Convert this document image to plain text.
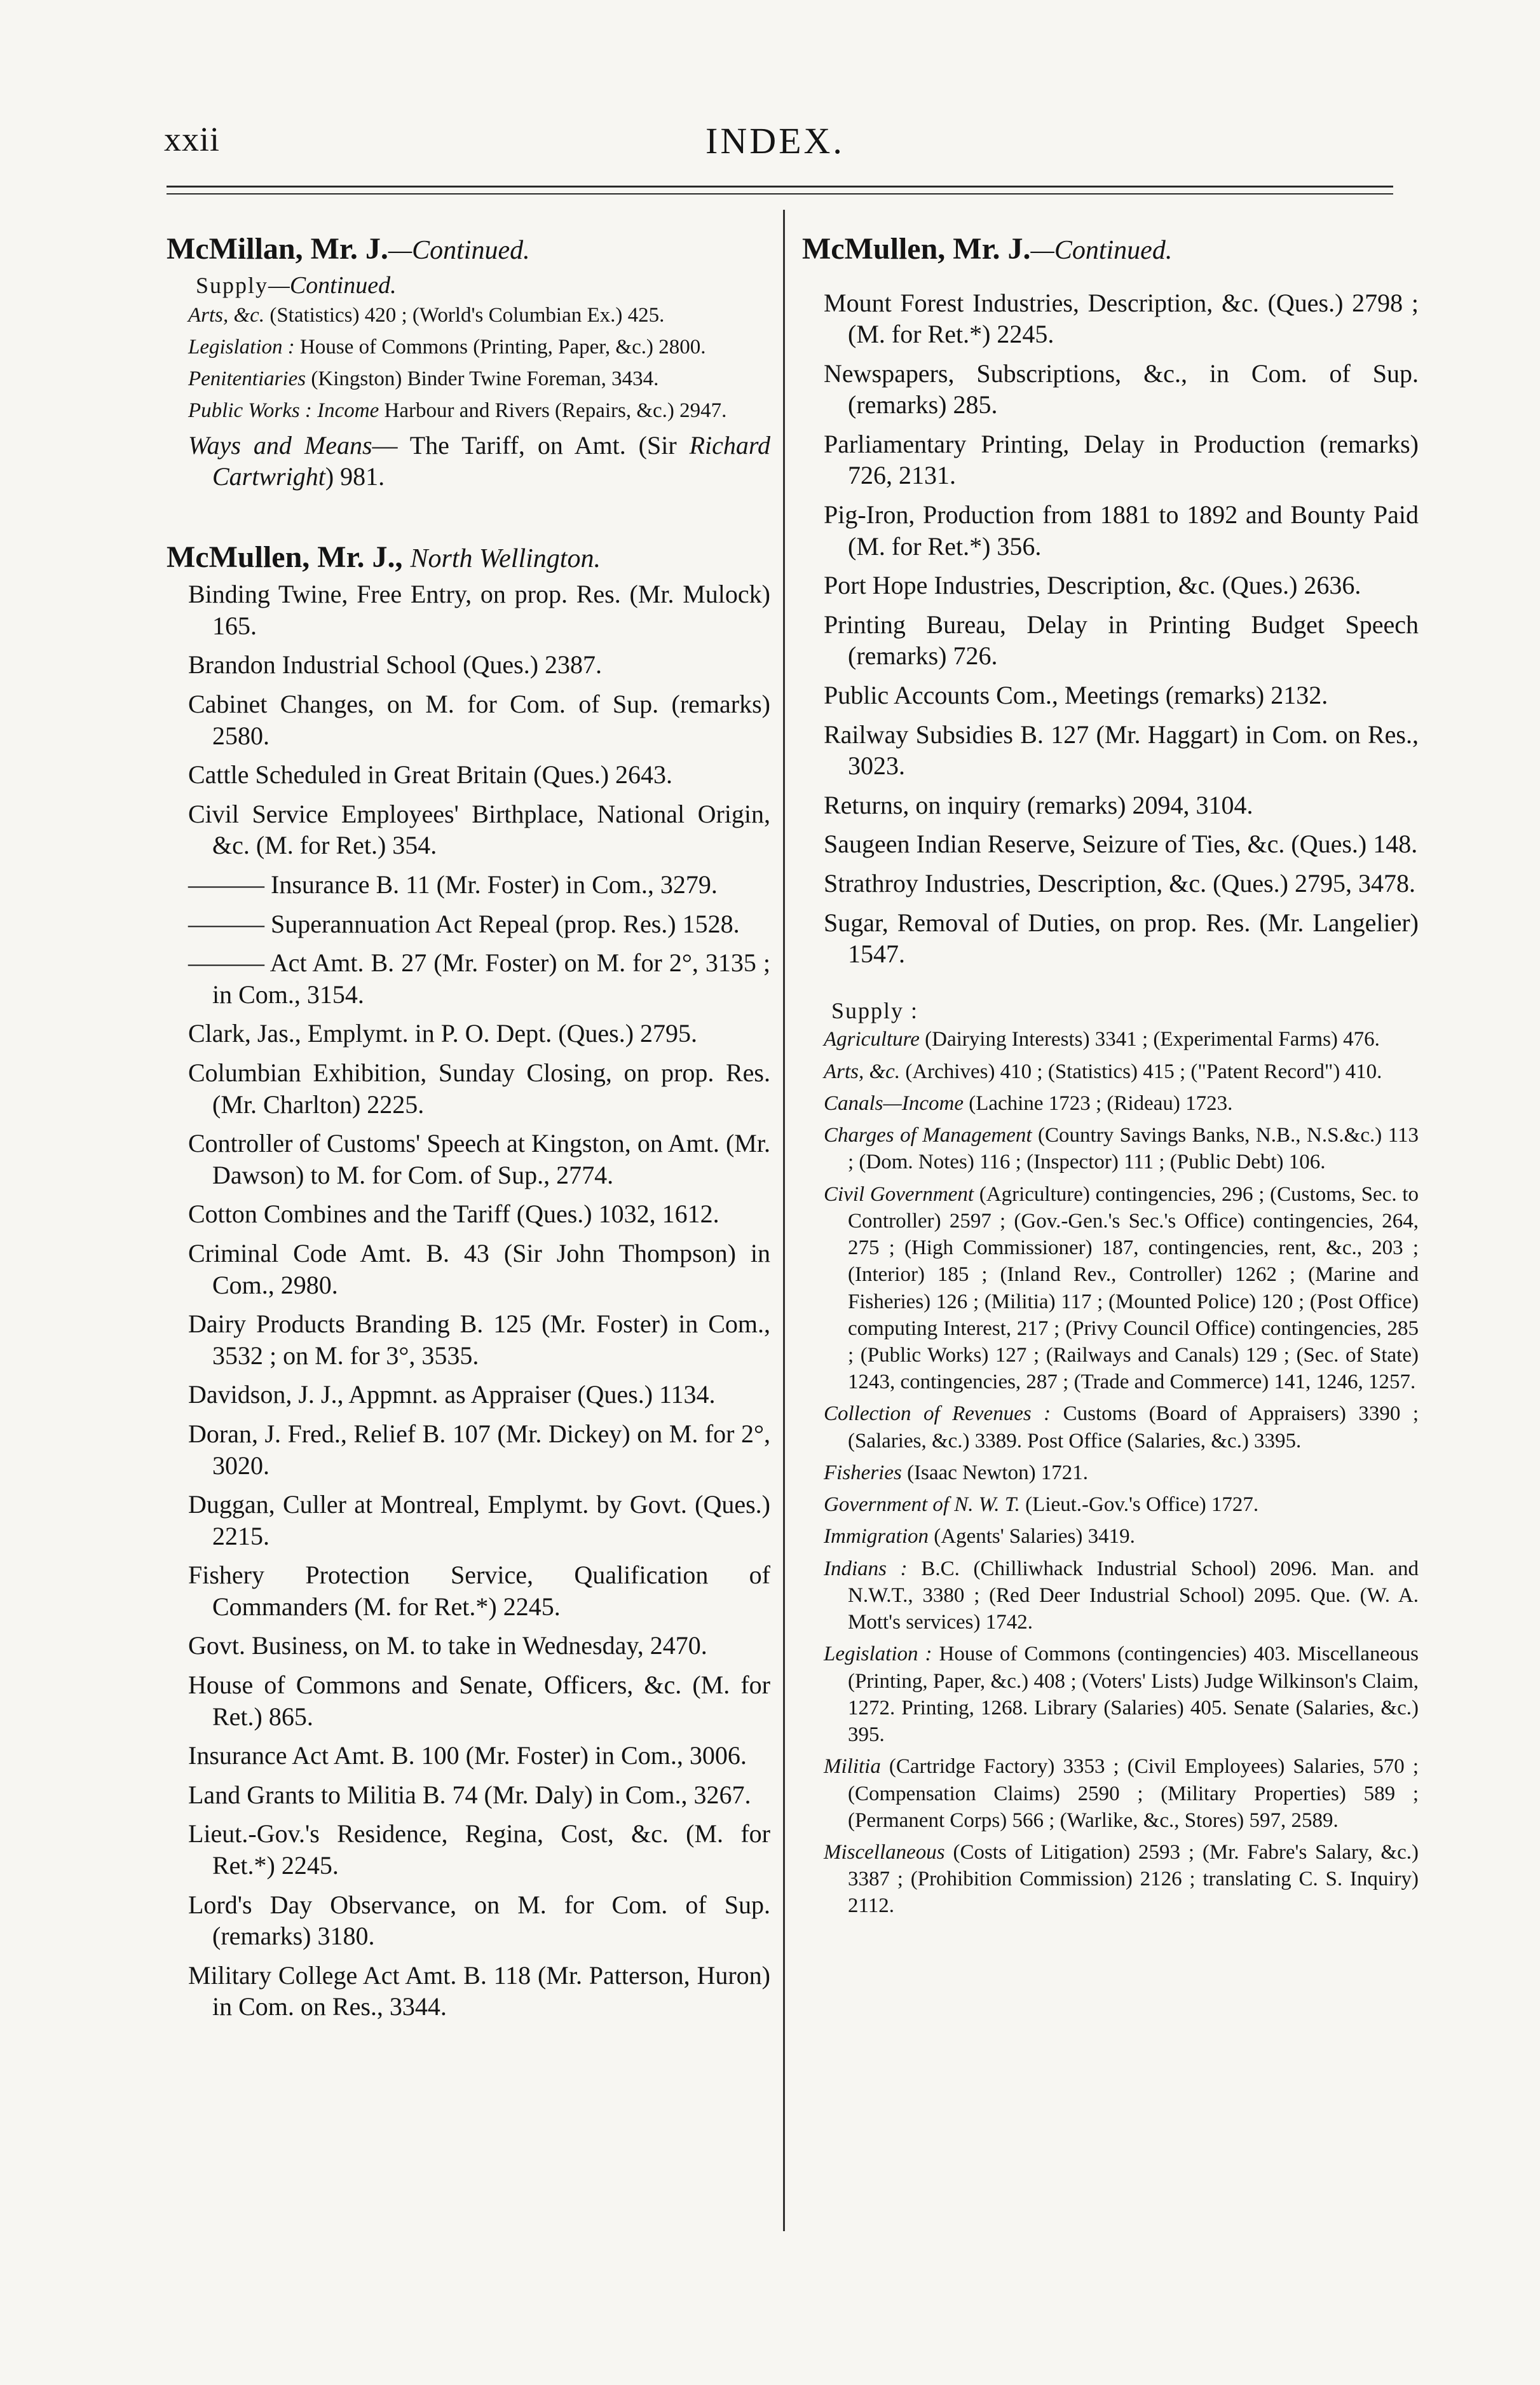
xxii	INDEX.
McMillan, Mr. J.—Continued.
Supply—Continued.
Arts, &c. (Statistics) 420 ; (World's Columbian Ex.) 425.
Legislation : House of Commons (Printing, Paper, &c.) 2800.
Penitentiaries (Kingston) Binder Twine Foreman, 3434.
Public Works : Income Harbour and Rivers (Repairs, &c.) 2947.
Ways and Means— The Tariff, on Amt. (Sir Richard Cartwright) 981.
McMullen, Mr. J., North Wellington.
Binding Twine, Free Entry, on prop. Res. (Mr. Mulock) 165.
Brandon Industrial School (Ques.) 2387.
Cabinet Changes, on M. for Com. of Sup. (remarks) 2580.
Cattle Scheduled in Great Britain (Ques.) 2643.
Civil Service Employees' Birthplace, National Origin, &c. (M. for Ret.) 354.
——— Insurance B. 11 (Mr. Foster) in Com., 3279.
——— Superannuation Act Repeal (prop. Res.) 1528.
——— Act Amt. B. 27 (Mr. Foster) on M. for 2°, 3135 ; in Com., 3154.
Clark, Jas., Emplymt. in P. O. Dept. (Ques.) 2795.
Columbian Exhibition, Sunday Closing, on prop. Res. (Mr. Charlton) 2225.
Controller of Customs' Speech at Kingston, on Amt. (Mr. Dawson) to M. for Com. of Sup., 2774.
Cotton Combines and the Tariff (Ques.) 1032, 1612.
Criminal Code Amt. B. 43 (Sir John Thompson) in Com., 2980.
Dairy Products Branding B. 125 (Mr. Foster) in Com., 3532 ; on M. for 3°, 3535.
Davidson, J. J., Appmnt. as Appraiser (Ques.) 1134.
Doran, J. Fred., Relief B. 107 (Mr. Dickey) on M. for 2°, 3020.
Duggan, Culler at Montreal, Emplymt. by Govt. (Ques.) 2215.
Fishery Protection Service, Qualification of Commanders (M. for Ret.*) 2245.
Govt. Business, on M. to take in Wednesday, 2470.
House of Commons and Senate, Officers, &c. (M. for Ret.) 865.
Insurance Act Amt. B. 100 (Mr. Foster) in Com., 3006.
Land Grants to Militia B. 74 (Mr. Daly) in Com., 3267.
Lieut.-Gov.'s Residence, Regina, Cost, &c. (M. for Ret.*) 2245.
Lord's Day Observance, on M. for Com. of Sup. (remarks) 3180.
Military College Act Amt. B. 118 (Mr. Patterson, Huron) in Com. on Res., 3344.
McMullen, Mr. J.—Continued.
Mount Forest Industries, Description, &c. (Ques.) 2798 ; (M. for Ret.*) 2245.
Newspapers, Subscriptions, &c., in Com. of Sup. (remarks) 285.
Parliamentary Printing, Delay in Production (remarks) 726, 2131.
Pig-Iron, Production from 1881 to 1892 and Bounty Paid (M. for Ret.*) 356.
Port Hope Industries, Description, &c. (Ques.) 2636.
Printing Bureau, Delay in Printing Budget Speech (remarks) 726.
Public Accounts Com., Meetings (remarks) 2132.
Railway Subsidies B. 127 (Mr. Haggart) in Com. on Res., 3023.
Returns, on inquiry (remarks) 2094, 3104.
Saugeen Indian Reserve, Seizure of Ties, &c. (Ques.) 148.
Strathroy Industries, Description, &c. (Ques.) 2795, 3478.
Sugar, Removal of Duties, on prop. Res. (Mr. Langelier) 1547.
Supply :
Agriculture (Dairying Interests) 3341 ; (Experimental Farms) 476.
Arts, &c. (Archives) 410 ; (Statistics) 415 ; ("Patent Record") 410.
Canals—Income (Lachine 1723 ; (Rideau) 1723.
Charges of Management (Country Savings Banks, N.B., N.S.&c.) 113 ; (Dom. Notes) 116 ; (Inspector) 111 ; (Public Debt) 106.
Civil Government (Agriculture) contingencies, 296 ; (Customs, Sec. to Controller) 2597 ; (Gov.-Gen.'s Sec.'s Office) contingencies, 264, 275 ; (High Commissioner) 187, contingencies, rent, &c., 203 ; (Interior) 185 ; (Inland Rev., Controller) 1262 ; (Marine and Fisheries) 126 ; (Militia) 117 ; (Mounted Police) 120 ; (Post Office) computing Interest, 217 ; (Privy Council Office) contingencies, 285 ; (Public Works) 127 ; (Railways and Canals) 129 ; (Sec. of State) 1243, contingencies, 287 ; (Trade and Commerce) 141, 1246, 1257.
Collection of Revenues : Customs (Board of Appraisers) 3390 ; (Salaries, &c.) 3389. Post Office (Salaries, &c.) 3395.
Fisheries (Isaac Newton) 1721.
Government of N. W. T. (Lieut.-Gov.'s Office) 1727.
Immigration (Agents' Salaries) 3419.
Indians : B.C. (Chilliwhack Industrial School) 2096. Man. and N.W.T., 3380 ; (Red Deer Industrial School) 2095. Que. (W. A. Mott's services) 1742.
Legislation : House of Commons (contingencies) 403. Miscellaneous (Printing, Paper, &c.) 408 ; (Voters' Lists) Judge Wilkinson's Claim, 1272. Printing, 1268. Library (Salaries) 405. Senate (Salaries, &c.) 395.
Militia (Cartridge Factory) 3353 ; (Civil Employees) Salaries, 570 ; (Compensation Claims) 2590 ; (Military Properties) 589 ; (Permanent Corps) 566 ; (Warlike, &c., Stores) 597, 2589.
Miscellaneous (Costs of Litigation) 2593 ; (Mr. Fabre's Salary, &c.) 3387 ; (Prohibition Commission) 2126 ; translating C. S. Inquiry) 2112.
